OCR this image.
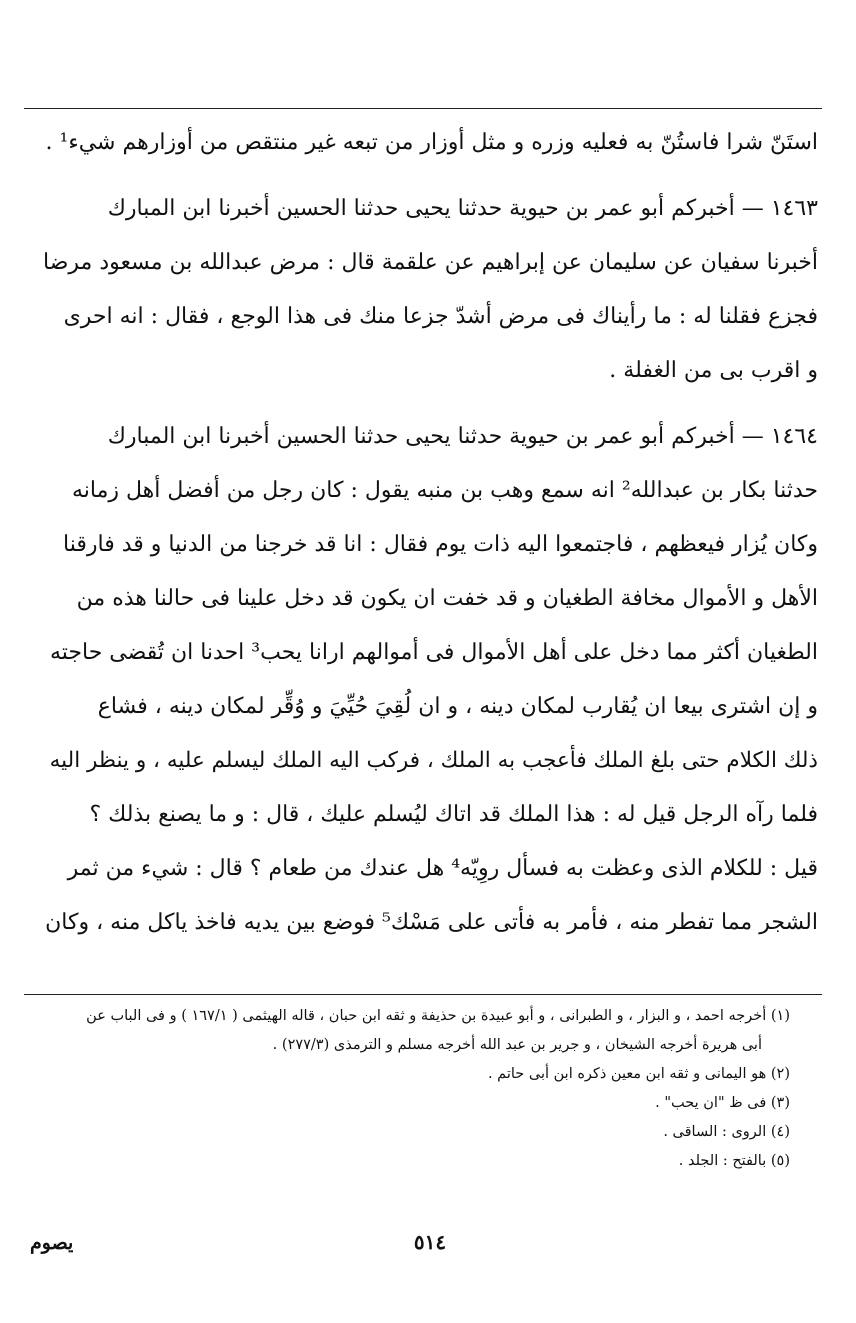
استَنّ شرا فاستُنّ به فعليه وزره و مثل أوزار من تبعه غير منتقص من أوزارهم شيء¹ .
١٤٦٣ — أخبركم أبو عمر بن حيوية حدثنا يحيى حدثنا الحسين أخبرنا ابن المبارك
أخبرنا سفيان عن سليمان عن إبراهيم عن علقمة قال : مرض عبدالله بن مسعود مرضا
فجزع فقلنا له : ما رأيناك فى مرض أشدّ جزعا منك فى هذا الوجع ، فقال : انه احرى
و اقرب بى من الغفلة .
١٤٦٤ — أخبركم أبو عمر بن حيوية حدثنا يحيى حدثنا الحسين أخبرنا ابن المبارك
حدثنا بكار بن عبدالله² انه سمع وهب بن منبه يقول : كان رجل من أفضل أهل زمانه
وكان يُزار فيعظهم ، فاجتمعوا اليه ذات يوم فقال : انا قد خرجنا من الدنيا و قد فارقنا
الأهل و الأموال مخافة الطغيان و قد خفت ان يكون قد دخل علينا فى حالنا هذه من
الطغيان أكثر مما دخل على أهل الأموال فى أموالهم ارانا يحب³ احدنا ان تُقضى حاجته
و إن اشترى بيعا ان يُقارب لمكان دينه ، و ان لُقِيَ حُيِّيَ و وُقِّر لمكان دينه ، فشاع
ذلك الكلام حتى بلغ الملك فأعجب به الملك ، فركب اليه الملك ليسلم عليه ، و ينظر اليه
فلما رآه الرجل قيل له : هذا الملك قد اتاك ليُسلم عليك ، قال : و ما يصنع بذلك ؟
قيل : للكلام الذى وعظت به فسأل روِيّه⁴ هل عندك من طعام ؟ قال : شيء من ثمر
الشجر مما تفطر منه ، فأمر به فأتى على مَسْك⁵ فوضع بين يديه فاخذ ياكل منه ، وكان
(١) أخرجه احمد ، و البزار ، و الطبرانى ، و أبو عبيدة بن حذيفة و ثقه ابن حبان ، قاله الهيثمى ( ١٦٧/١ ) و فى الباب عن
أبى هريرة أخرجه الشيخان ، و جرير بن عبد الله أخرجه مسلم و الترمذى (٢٧٧/٣) .
(٢) هو اليمانى و ثقه ابن معين ذكره ابن أبى حاتم .
(٣) فى ظ "ان يحب" .
(٤) الروى : الساقى .
(٥) بالفتح : الجلد .
٥١٤
يصوم
